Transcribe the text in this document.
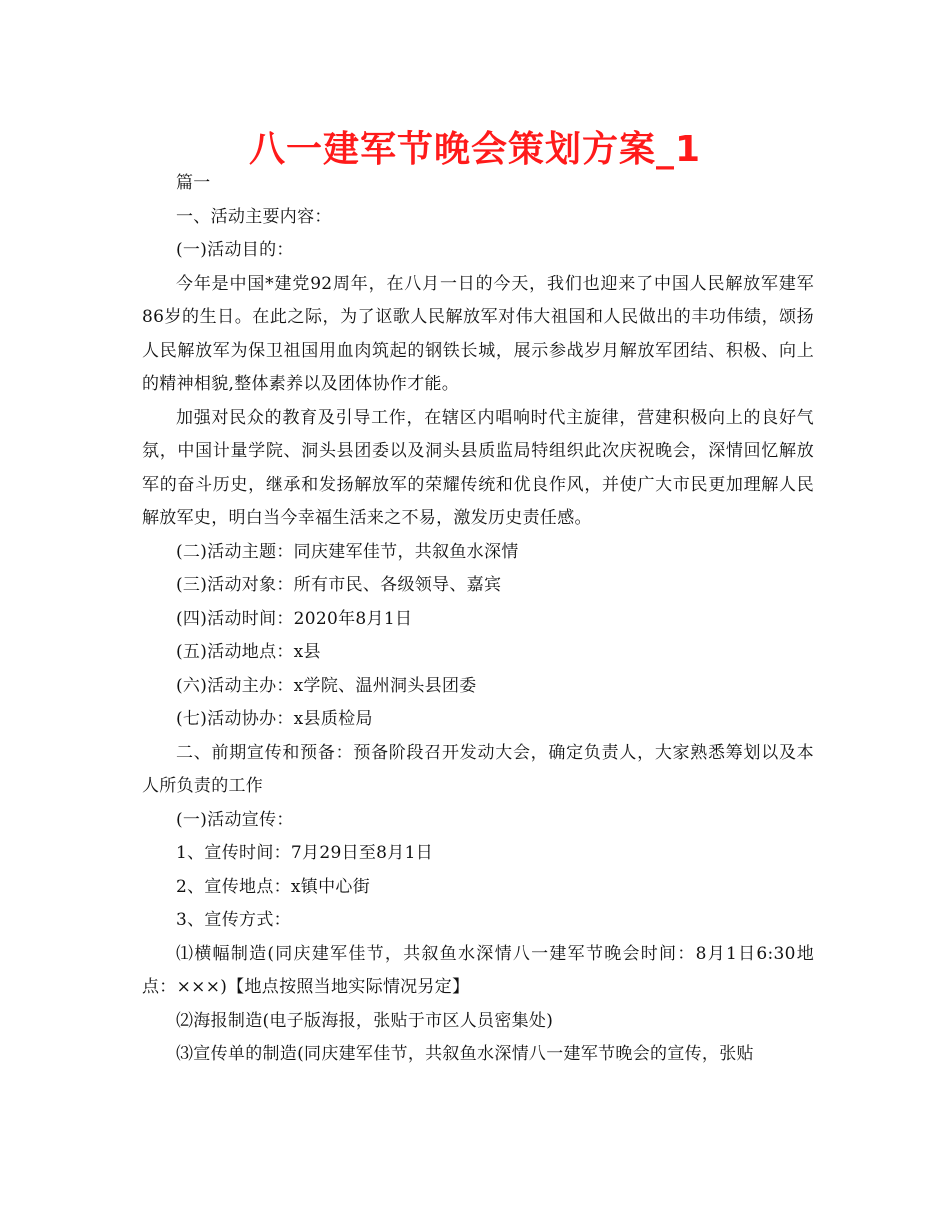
八一建军节晚会策划方案_1

篇一

一、活动主要内容：

(一)活动目的：

今年是中国*建党92周年，在八月一日的今天，我们也迎来了中国人民解放军建军86岁的生日。在此之际，为了讴歌人民解放军对伟大祖国和人民做出的丰功伟绩，颂扬人民解放军为保卫祖国用血肉筑起的钢铁长城，展示参战岁月解放军团结、积极、向上的精神相貌,整体素养以及团体协作才能。

加强对民众的教育及引导工作，在辖区内唱响时代主旋律，营建积极向上的良好气氛，中国计量学院、洞头县团委以及洞头县质监局特组织此次庆祝晚会，深情回忆解放军的奋斗历史，继承和发扬解放军的荣耀传统和优良作风，并使广大市民更加理解人民解放军史，明白当今幸福生活来之不易，激发历史责任感。

(二)活动主题：同庆建军佳节，共叙鱼水深情

(三)活动对象：所有市民、各级领导、嘉宾

(四)活动时间：2020年8月1日

(五)活动地点：x县

(六)活动主办：x学院、温州洞头县团委

(七)活动协办：x县质检局

二、前期宣传和预备：预备阶段召开发动大会，确定负责人，大家熟悉筹划以及本人所负责的工作

(一)活动宣传：

1、宣传时间：7月29日至8月1日

2、宣传地点：x镇中心街

3、宣传方式：

⑴横幅制造(同庆建军佳节，共叙鱼水深情八一建军节晚会时间：8月1日6:30地点：×××)【地点按照当地实际情况另定】

⑵海报制造(电子版海报，张贴于市区人员密集处)

⑶宣传单的制造(同庆建军佳节，共叙鱼水深情八一建军节晚会的宣传，张贴
